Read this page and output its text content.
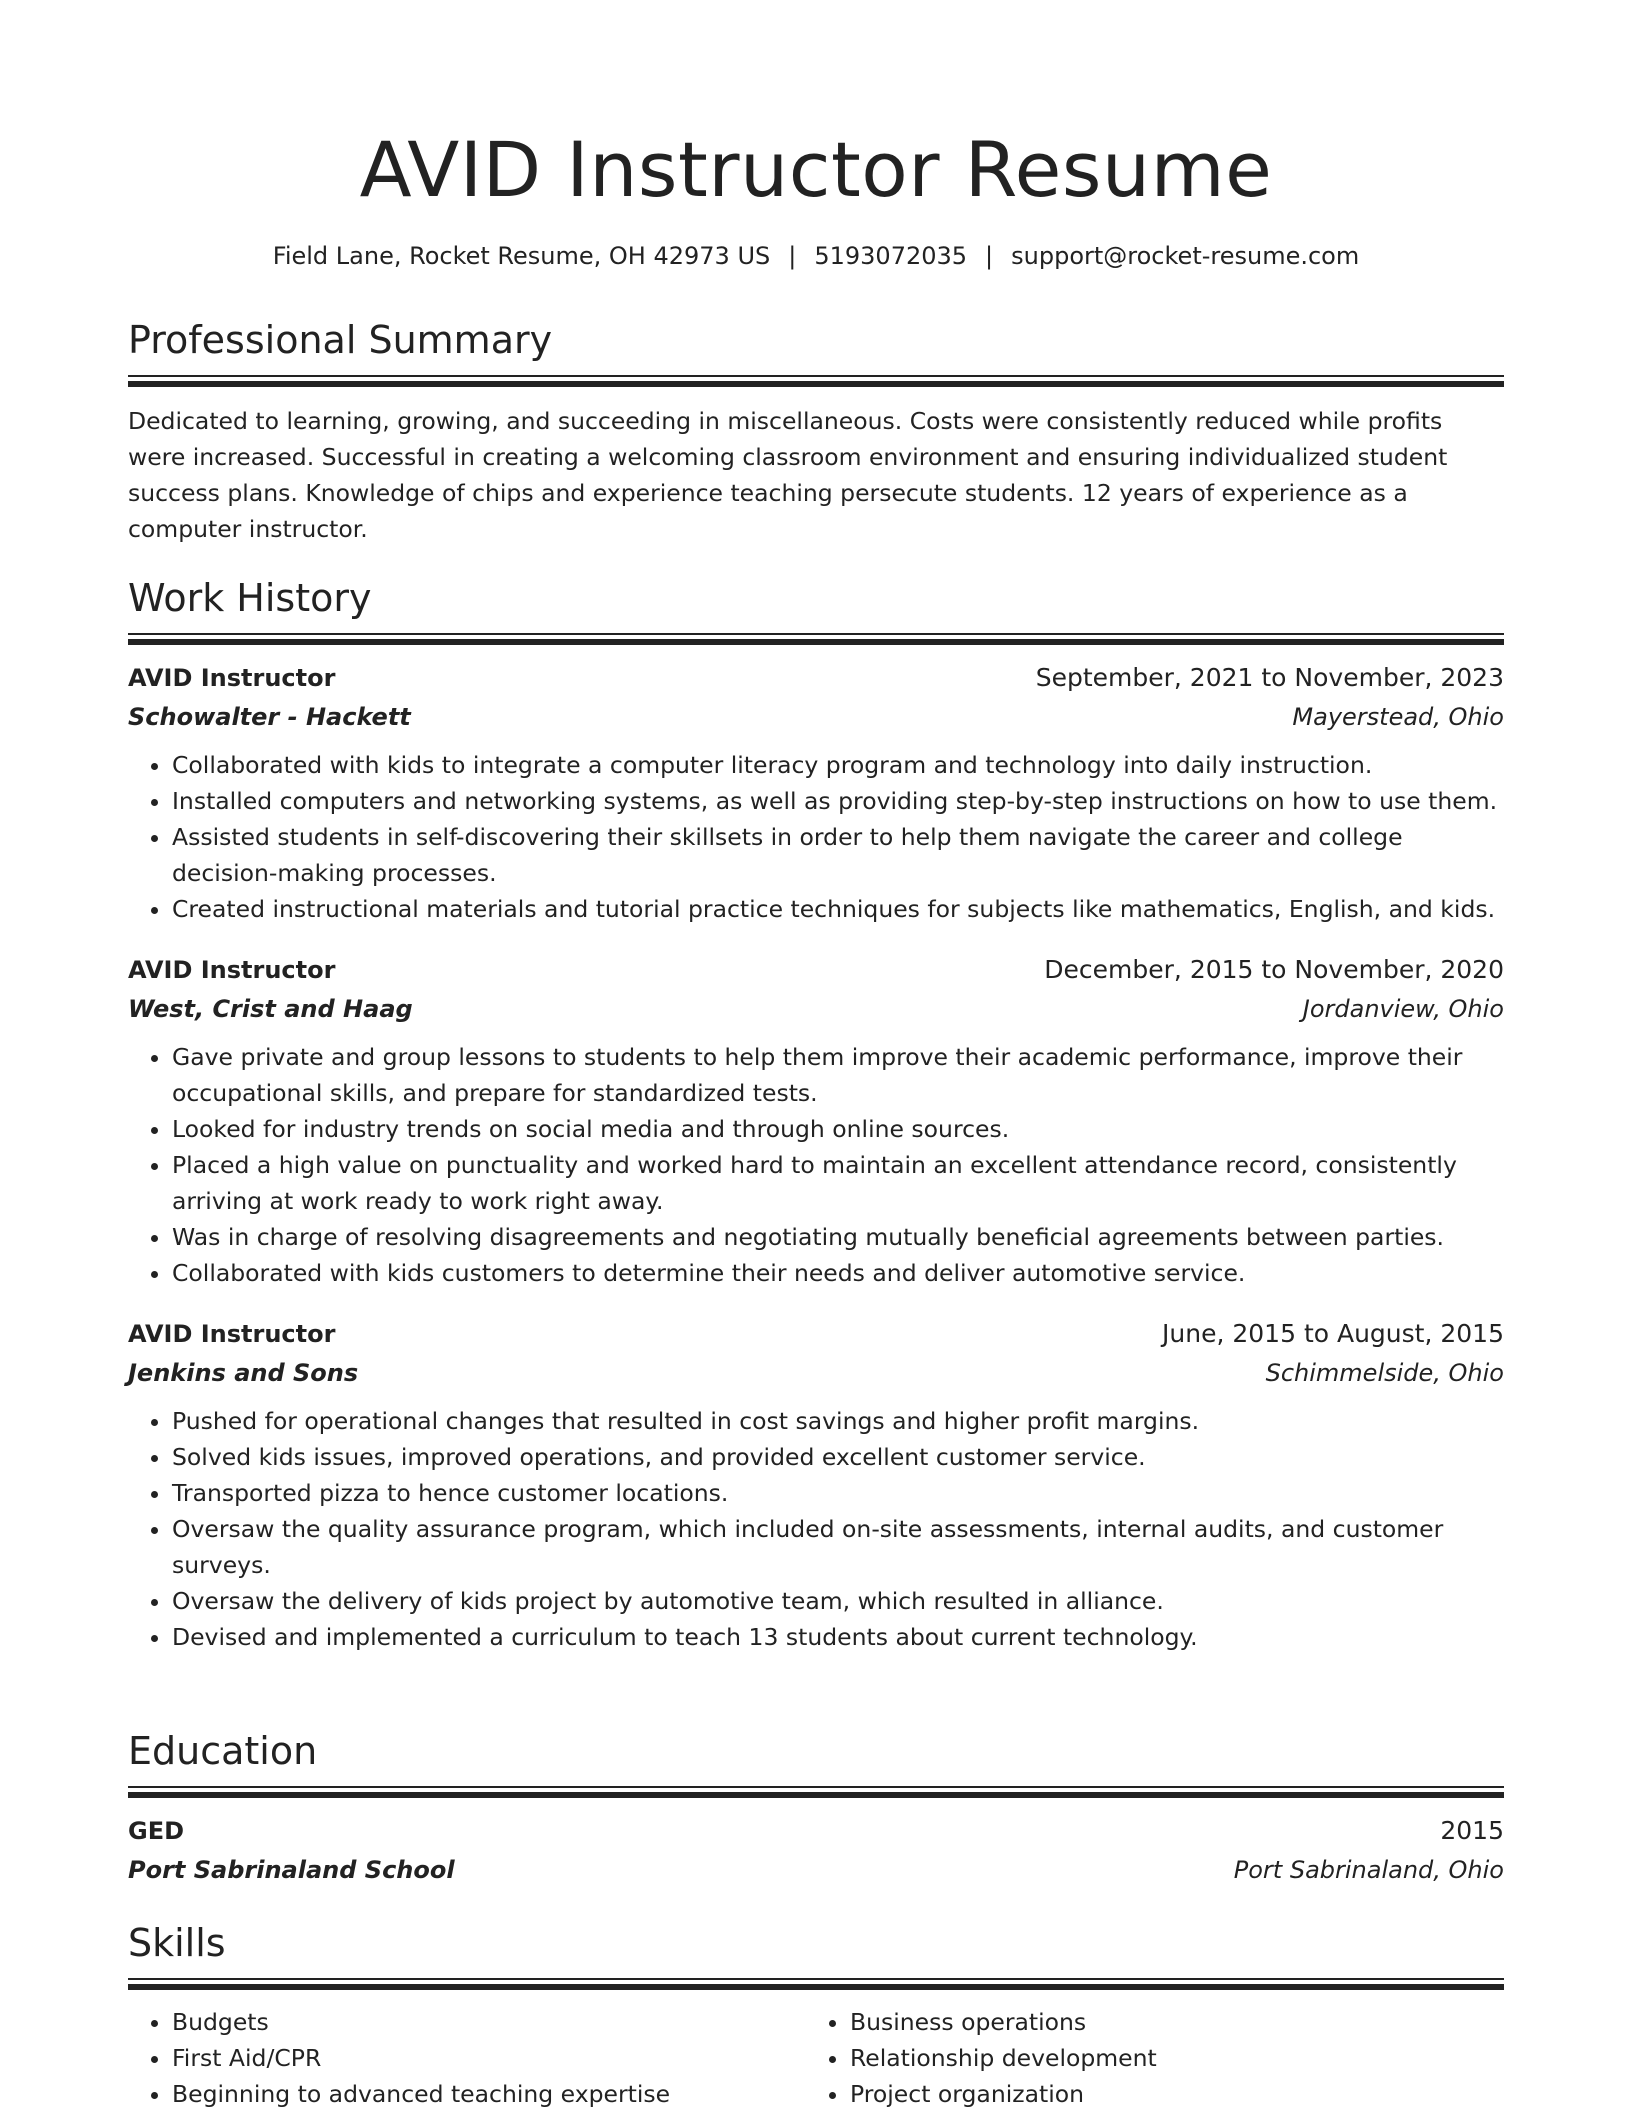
AVID Instructor Resume
Field Lane, Rocket Resume, OH 42973 US | 5193072035 | support@rocket-resume.com
Professional Summary
Dedicated to learning, growing, and succeeding in miscellaneous. Costs were consistently reduced while profits were increased. Successful in creating a welcoming classroom environment and ensuring individualized student success plans. Knowledge of chips and experience teaching persecute students. 12 years of experience as a computer instructor.
Work History
AVID Instructor	September, 2021 to November, 2023
Schowalter - Hackett	Mayerstead, Ohio
• Collaborated with kids to integrate a computer literacy program and technology into daily instruction.
• Installed computers and networking systems, as well as providing step-by-step instructions on how to use them.
• Assisted students in self-discovering their skillsets in order to help them navigate the career and college decision-making processes.
• Created instructional materials and tutorial practice techniques for subjects like mathematics, English, and kids.
AVID Instructor	December, 2015 to November, 2020
West, Crist and Haag	Jordanview, Ohio
• Gave private and group lessons to students to help them improve their academic performance, improve their occupational skills, and prepare for standardized tests.
• Looked for industry trends on social media and through online sources.
• Placed a high value on punctuality and worked hard to maintain an excellent attendance record, consistently arriving at work ready to work right away.
• Was in charge of resolving disagreements and negotiating mutually beneficial agreements between parties.
• Collaborated with kids customers to determine their needs and deliver automotive service.
AVID Instructor	June, 2015 to August, 2015
Jenkins and Sons	Schimmelside, Ohio
• Pushed for operational changes that resulted in cost savings and higher profit margins.
• Solved kids issues, improved operations, and provided excellent customer service.
• Transported pizza to hence customer locations.
• Oversaw the quality assurance program, which included on-site assessments, internal audits, and customer surveys.
• Oversaw the delivery of kids project by automotive team, which resulted in alliance.
• Devised and implemented a curriculum to teach 13 students about current technology.
Education
GED	2015
Port Sabrinaland School	Port Sabrinaland, Ohio
Skills
• Budgets
• First Aid/CPR
• Beginning to advanced teaching expertise
• Business operations
• Relationship development
• Project organization
